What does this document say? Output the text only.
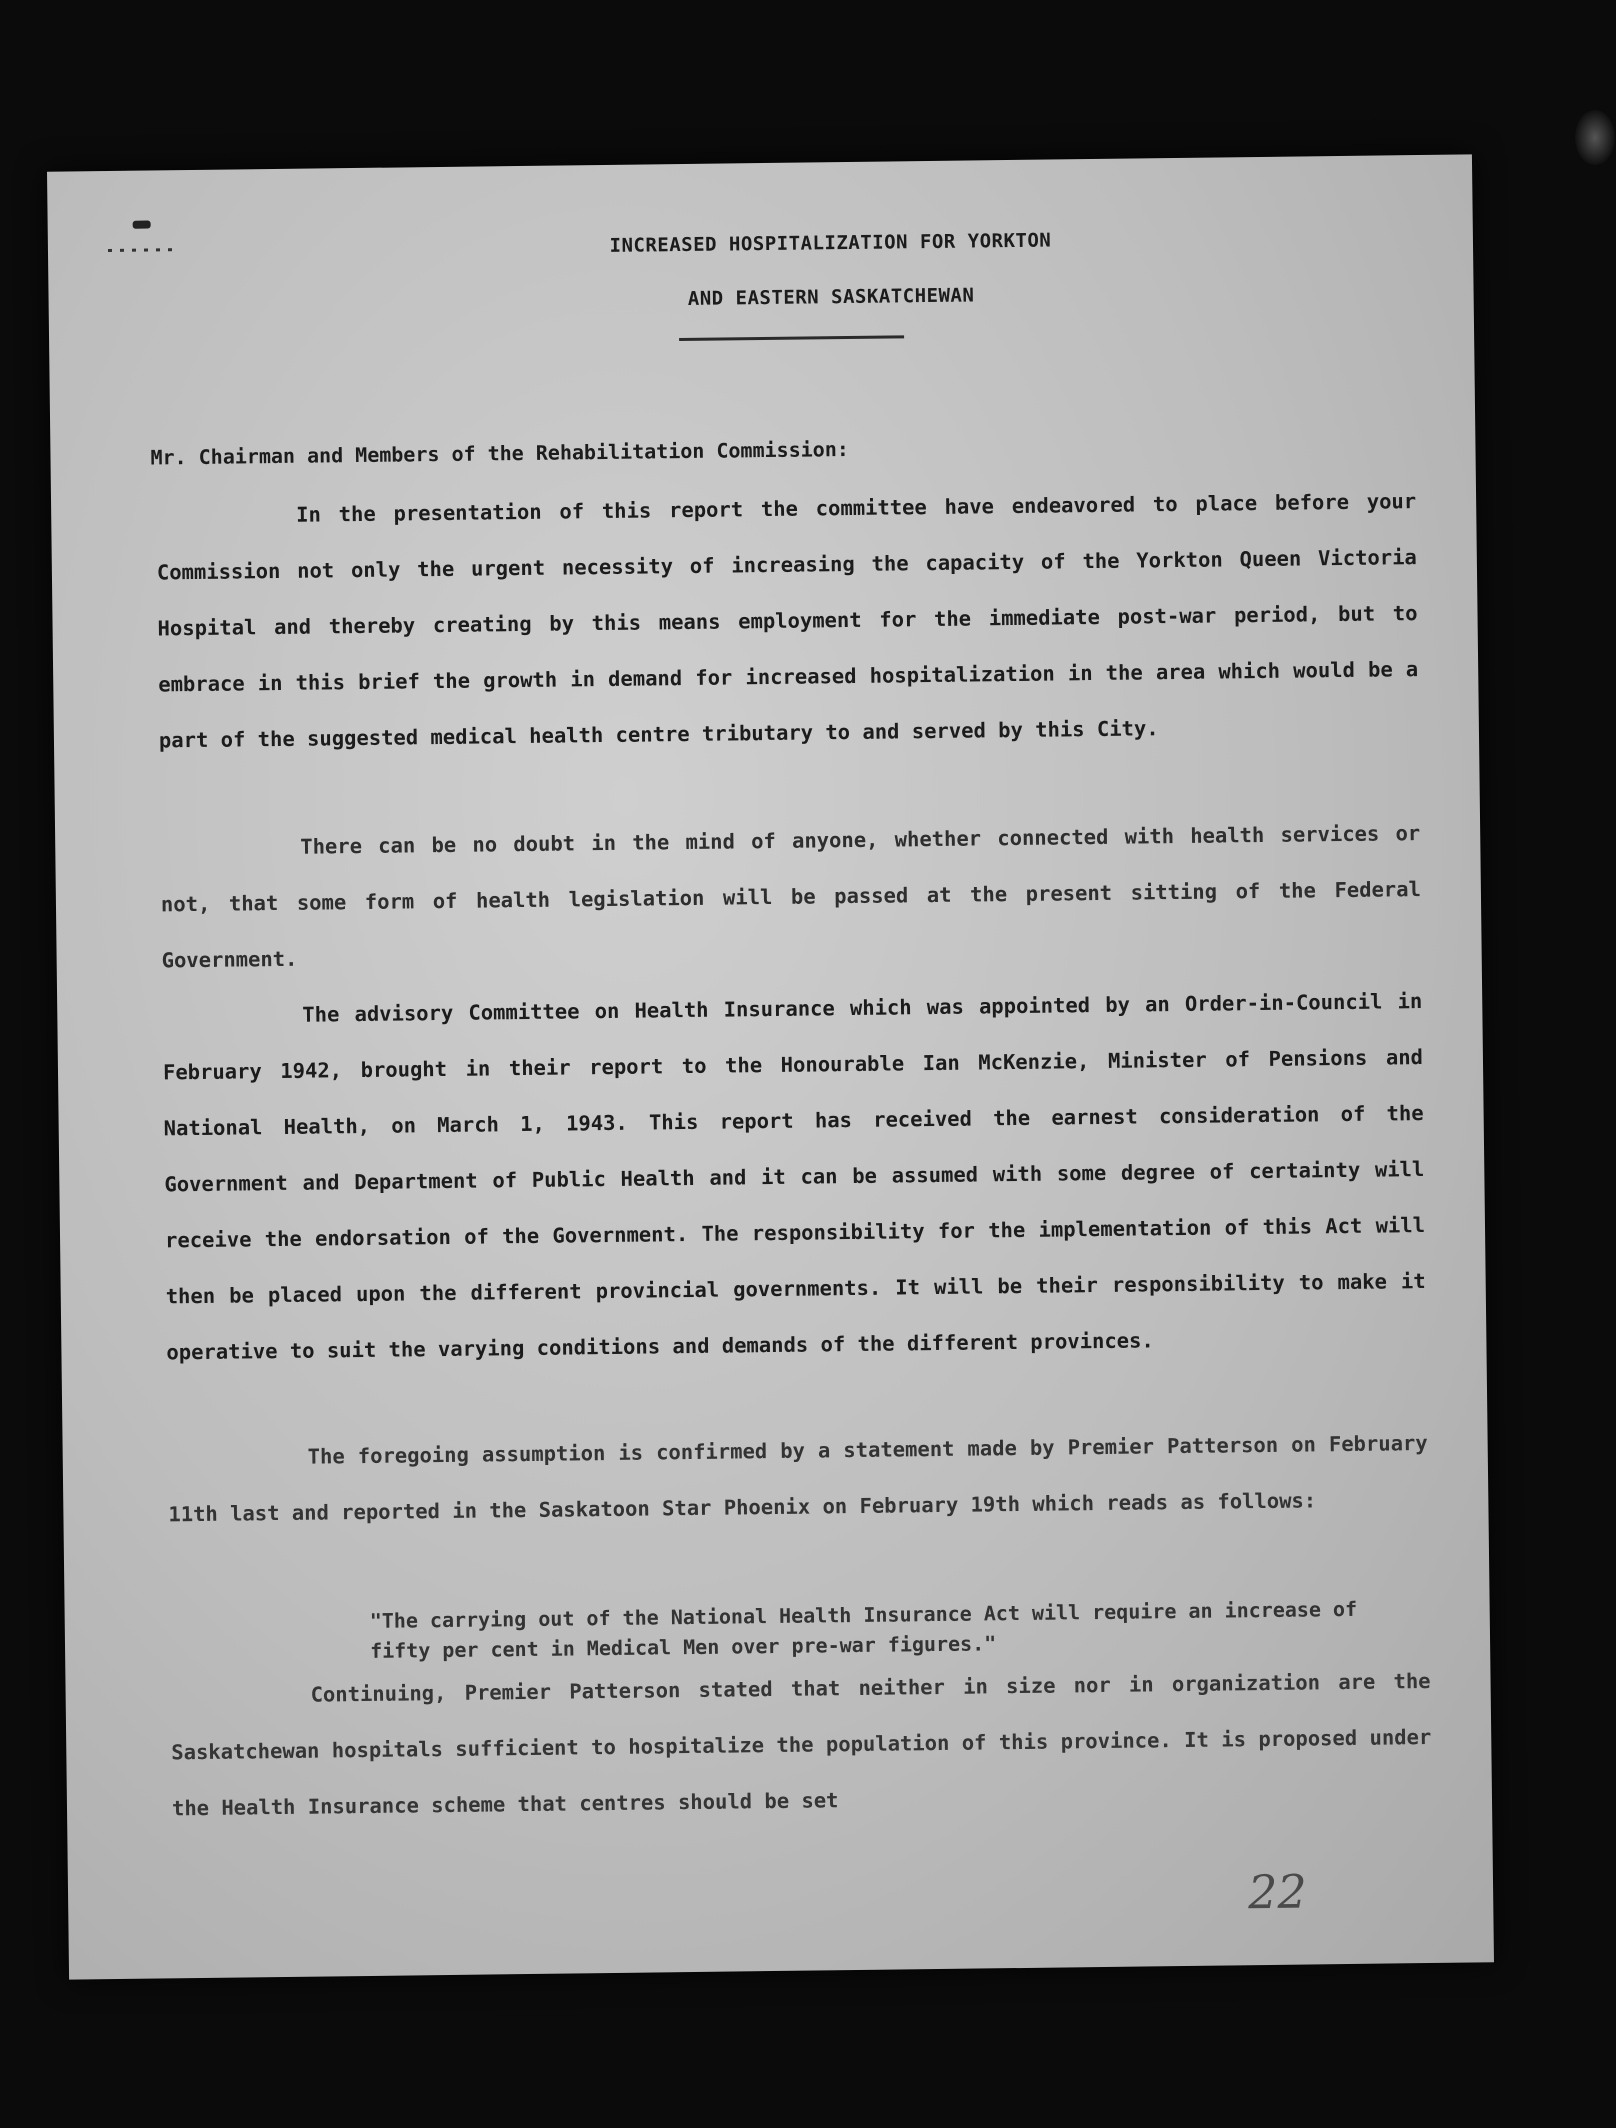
INCREASED HOSPITALIZATION FOR YORKTON
AND EASTERN SASKATCHEWAN
Mr. Chairman and Members of the Rehabilitation Commission:
In the presentation of this report the committee have endeavored to place before your Commission not only the urgent necessity of increasing the capacity of the Yorkton Queen Victoria Hospital and thereby creating by this means employment for the immediate post-war period, but to embrace in this brief the growth in demand for increased hospitalization in the area which would be a part of the suggested medical health centre tributary to and served by this City.
There can be no doubt in the mind of anyone, whether connected with health services or not, that some form of health legislation will be passed at the present sitting of the Federal Government.
The advisory Committee on Health Insurance which was appointed by an Order-in-Council in February 1942, brought in their report to the Honourable Ian McKenzie, Minister of Pensions and National Health, on March 1, 1943. This report has received the earnest consideration of the Government and Department of Public Health and it can be assumed with some degree of certainty will receive the endorsation of the Government. The responsibility for the implementation of this Act will then be placed upon the different provincial governments. It will be their responsibility to make it operative to suit the varying conditions and demands of the different provinces.
The foregoing assumption is confirmed by a statement made by Premier Patterson on February 11th last and reported in the Saskatoon Star Phoenix on February 19th which reads as follows:
"The carrying out of the National Health Insurance Act will require an increase of fifty per cent in Medical Men over pre-war figures."
Continuing, Premier Patterson stated that neither in size nor in organization are the Saskatchewan hospitals sufficient to hospitalize the population of this province. It is proposed under the Health Insurance scheme that centres should be set
22
